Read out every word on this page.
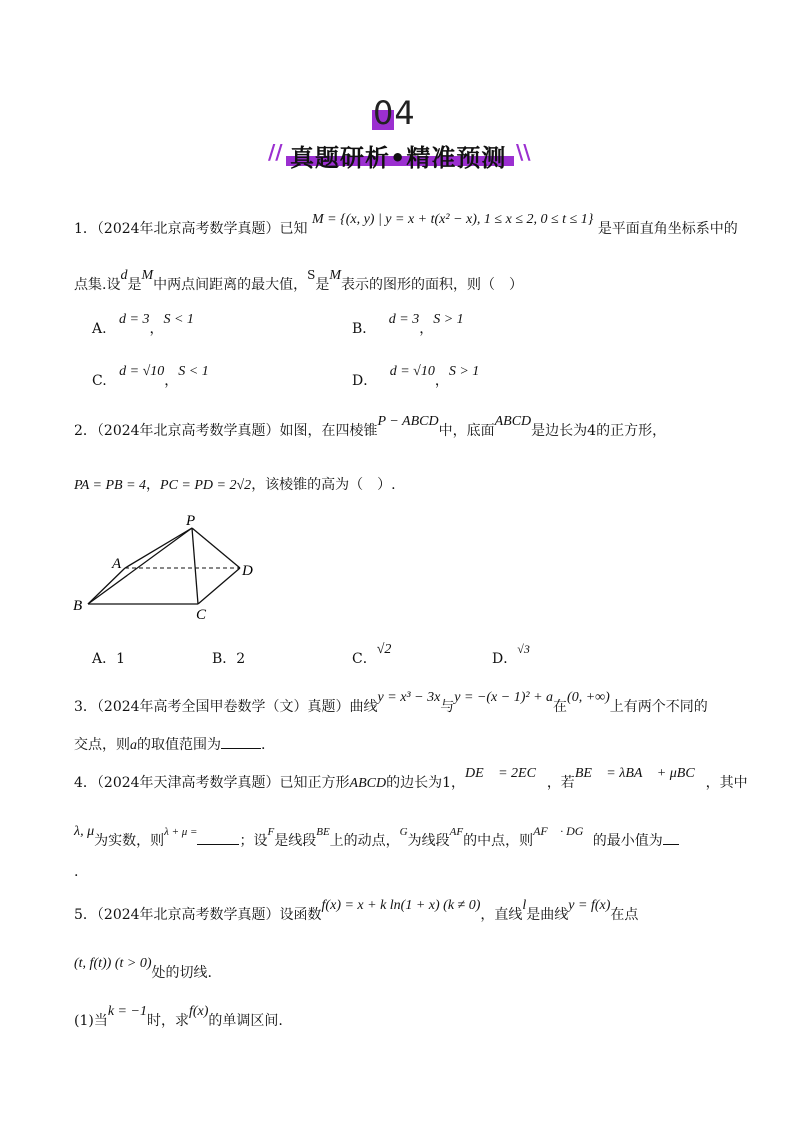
04
// 真题研析•精准预测 \\
1．（2024年北京高考数学真题）已知 M = {(x, y) | y = x + t(x² − x), 1 ≤ x ≤ 2, 0 ≤ t ≤ 1} 是平面直角坐标系中的
点集.设d是M中两点间距离的最大值，S是M表示的图形的面积，则（　）
A. d = 3，S < 1
B． d = 3，S > 1
C. d = √10，S < 1
D． d = √10，S > 1
2．（2024年北京高考数学真题）如图，在四棱锥P − ABCD中，底面ABCD是边长为4的正方形，
PA = PB = 4，PC = PD = 2√2，该棱锥的高为（　）.
P
A	D
B
C
A．1	B．2	C．√2
D．√3
3．（2024年高考全国甲卷数学（文）真题）曲线y = x³ − 3x与y = −(x − 1)² + a在(0, +∞)上有两个不同的
交点，则a的取值范围为	.
4．（2024年天津高考数学真题）已知正方形ABCD的边长为1，DE⃗ = 2EC⃗，若BE⃗ = λBA⃗ + μBC⃗，其中
λ, μ为实数，则$^{\lambda + \mu =}$；设$^F$是线段$^{BE}$上的动点，$^G$为线段$^{AF}$的中点，则AF⃗ · DG⃗的最小值为
.
5．（2024年北京高考数学真题）设函数f(x) = x + k ln(1 + x) (k ≠ 0)，直线l是曲线y = f(x)在点
(t, f(t)) (t > 0)处的切线.
(1)当k = −1时，求f(x)的单调区间.
